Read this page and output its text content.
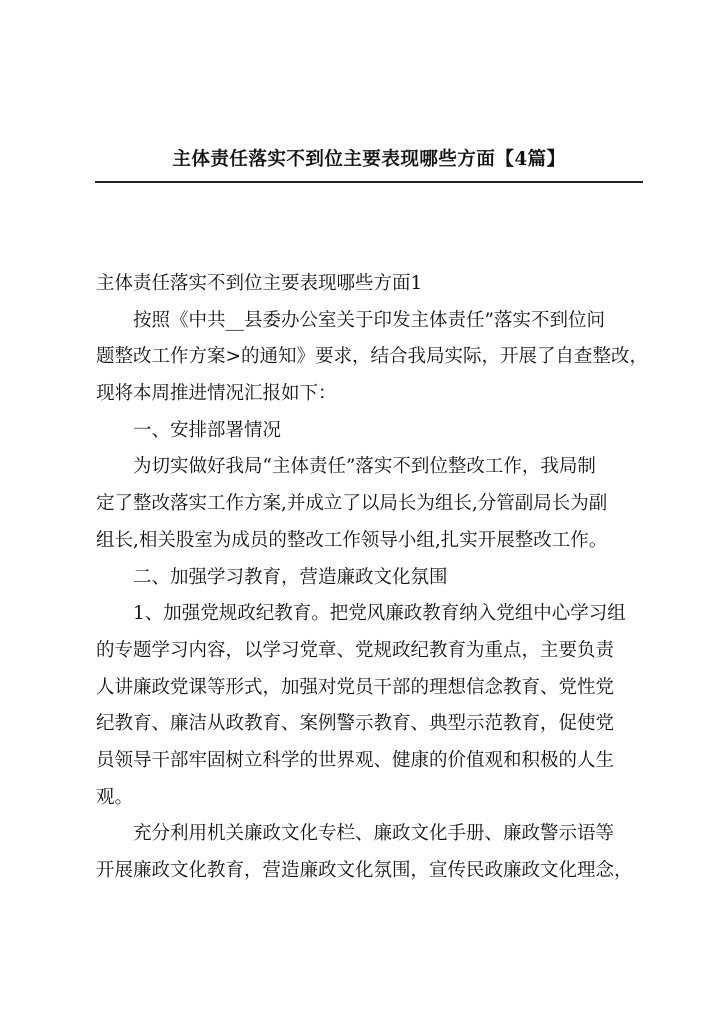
主体责任落实不到位主要表现哪些方面【4篇】
主体责任落实不到位主要表现哪些方面1
按照《中共__县委办公室关于印发主体责任”落实不到位问
题整改工作方案>的通知》要求，结合我局实际，开展了自查整改，
现将本周推进情况汇报如下：
一、安排部署情况
为切实做好我局“主体责任”落实不到位整改工作，我局制
定了整改落实工作方案,并成立了以局长为组长,分管副局长为副
组长,相关股室为成员的整改工作领导小组,扎实开展整改工作。
二、加强学习教育，营造廉政文化氛围
1、加强党规政纪教育。把党风廉政教育纳入党组中心学习组
的专题学习内容，以学习党章、党规政纪教育为重点，主要负责
人讲廉政党课等形式，加强对党员干部的理想信念教育、党性党
纪教育、廉洁从政教育、案例警示教育、典型示范教育，促使党
员领导干部牢固树立科学的世界观、健康的价值观和积极的人生
观。
充分利用机关廉政文化专栏、廉政文化手册、廉政警示语等
开展廉政文化教育，营造廉政文化氛围，宣传民政廉政文化理念，
